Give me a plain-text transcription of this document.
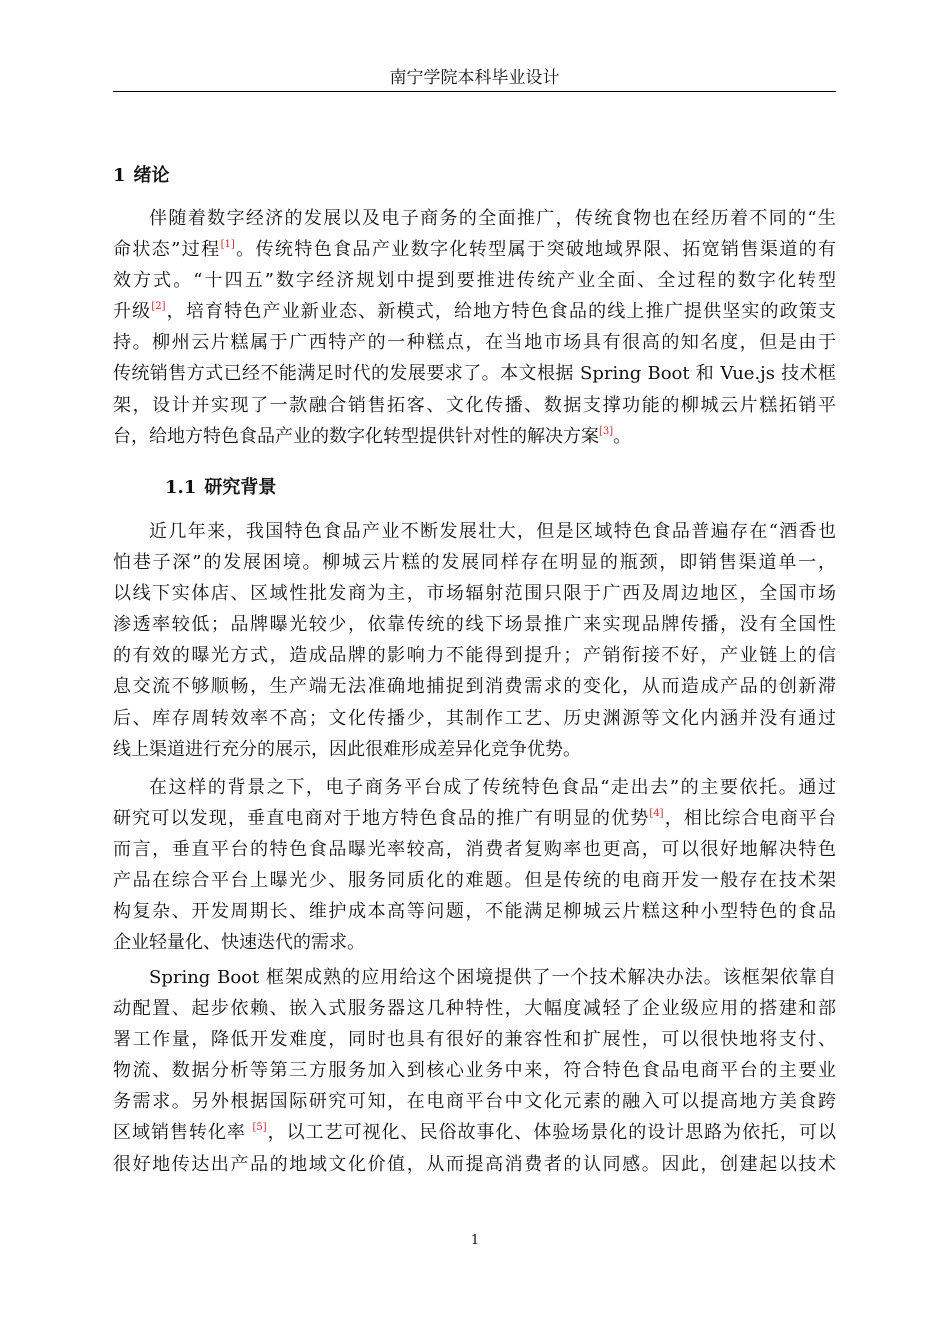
南宁学院本科毕业设计
1 绪论
伴随着数字经济的发展以及电子商务的全面推广，传统食物也在经历着不同的“生
命状态”过程[1]。传统特色食品产业数字化转型属于突破地域界限、拓宽销售渠道的有
效方式。“十四五”数字经济规划中提到要推进传统产业全面、全过程的数字化转型
升级[2]，培育特色产业新业态、新模式，给地方特色食品的线上推广提供坚实的政策支
持。柳州云片糕属于广西特产的一种糕点，在当地市场具有很高的知名度，但是由于
传统销售方式已经不能满足时代的发展要求了。本文根据 Spring Boot 和 Vue.js 技术框
架，设计并实现了一款融合销售拓客、文化传播、数据支撑功能的柳城云片糕拓销平
台，给地方特色食品产业的数字化转型提供针对性的解决方案[3]。
1.1 研究背景
近几年来，我国特色食品产业不断发展壮大，但是区域特色食品普遍存在“酒香也
怕巷子深”的发展困境。柳城云片糕的发展同样存在明显的瓶颈，即销售渠道单一，
以线下实体店、区域性批发商为主，市场辐射范围只限于广西及周边地区，全国市场
渗透率较低；品牌曝光较少，依靠传统的线下场景推广来实现品牌传播，没有全国性
的有效的曝光方式，造成品牌的影响力不能得到提升；产销衔接不好，产业链上的信
息交流不够顺畅，生产端无法准确地捕捉到消费需求的变化，从而造成产品的创新滞
后、库存周转效率不高；文化传播少，其制作工艺、历史渊源等文化内涵并没有通过
线上渠道进行充分的展示，因此很难形成差异化竞争优势。
在这样的背景之下，电子商务平台成了传统特色食品“走出去”的主要依托。通过
研究可以发现，垂直电商对于地方特色食品的推广有明显的优势[4]，相比综合电商平台
而言，垂直平台的特色食品曝光率较高，消费者复购率也更高，可以很好地解决特色
产品在综合平台上曝光少、服务同质化的难题。但是传统的电商开发一般存在技术架
构复杂、开发周期长、维护成本高等问题，不能满足柳城云片糕这种小型特色的食品
企业轻量化、快速迭代的需求。
Spring Boot 框架成熟的应用给这个困境提供了一个技术解决办法。该框架依靠自
动配置、起步依赖、嵌入式服务器这几种特性，大幅度减轻了企业级应用的搭建和部
署工作量，降低开发难度，同时也具有很好的兼容性和扩展性，可以很快地将支付、
物流、数据分析等第三方服务加入到核心业务中来，符合特色食品电商平台的主要业
务需求。另外根据国际研究可知，在电商平台中文化元素的融入可以提高地方美食跨
区域销售转化率 [5]，以工艺可视化、民俗故事化、体验场景化的设计思路为依托，可以
很好地传达出产品的地域文化价值，从而提高消费者的认同感。因此，创建起以技术
1
